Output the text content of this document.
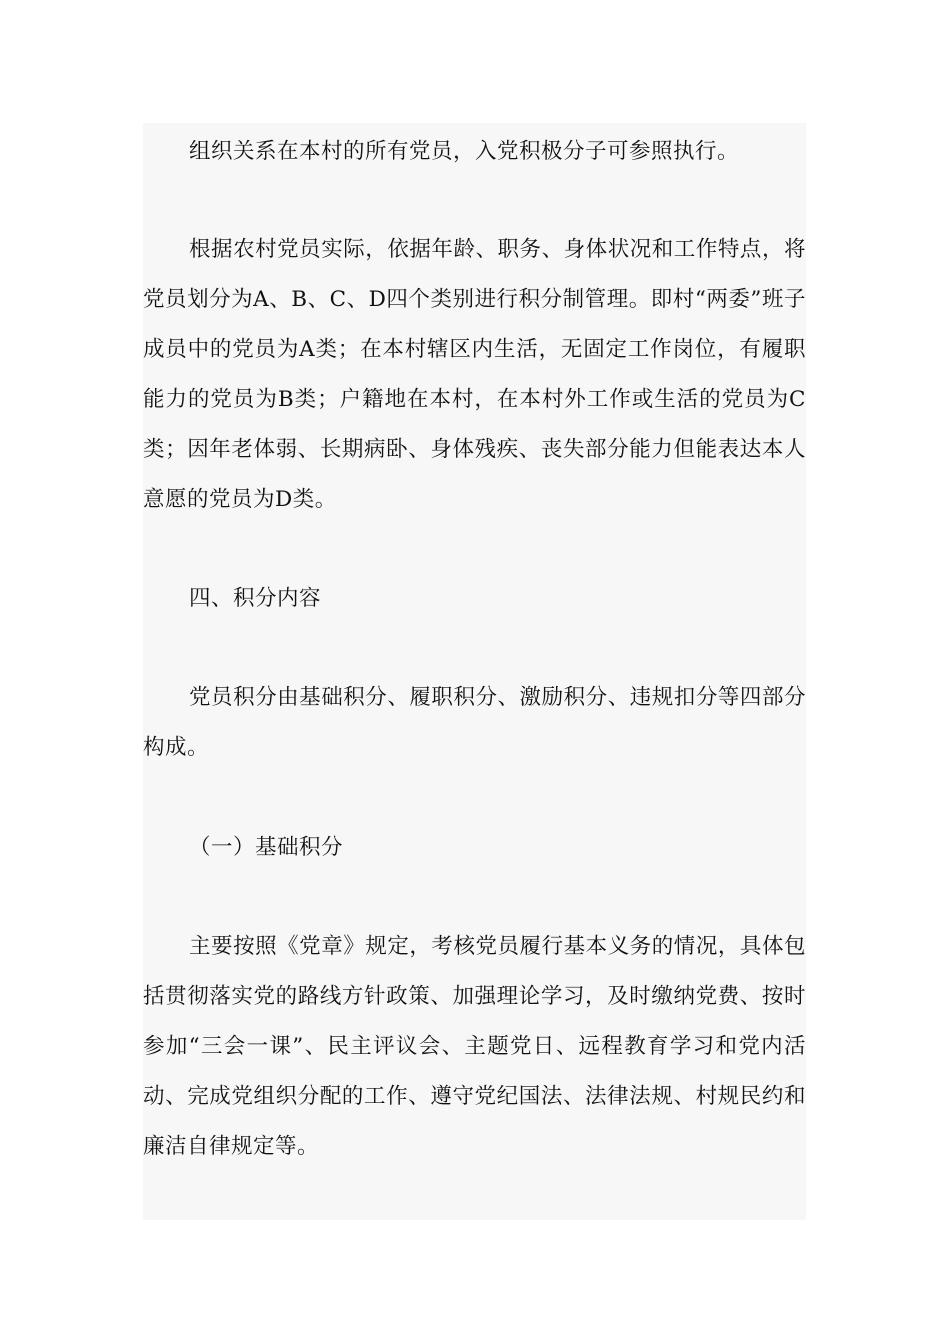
组织关系在本村的所有党员，入党积极分子可参照执行。

根据农村党员实际，依据年龄、职务、身体状况和工作特点，将党员划分为A、B、C、D四个类别进行积分制管理。即村“两委”班子成员中的党员为A类；在本村辖区内生活，无固定工作岗位，有履职能力的党员为B类；户籍地在本村，在本村外工作或生活的党员为C类；因年老体弱、长期病卧、身体残疾、丧失部分能力但能表达本人意愿的党员为D类。

四、积分内容

党员积分由基础积分、履职积分、激励积分、违规扣分等四部分构成。

（一）基础积分

主要按照《党章》规定，考核党员履行基本义务的情况，具体包括贯彻落实党的路线方针政策、加强理论学习，及时缴纳党费、按时参加“三会一课”、民主评议会、主题党日、远程教育学习和党内活动、完成党组织分配的工作、遵守党纪国法、法律法规、村规民约和廉洁自律规定等。
